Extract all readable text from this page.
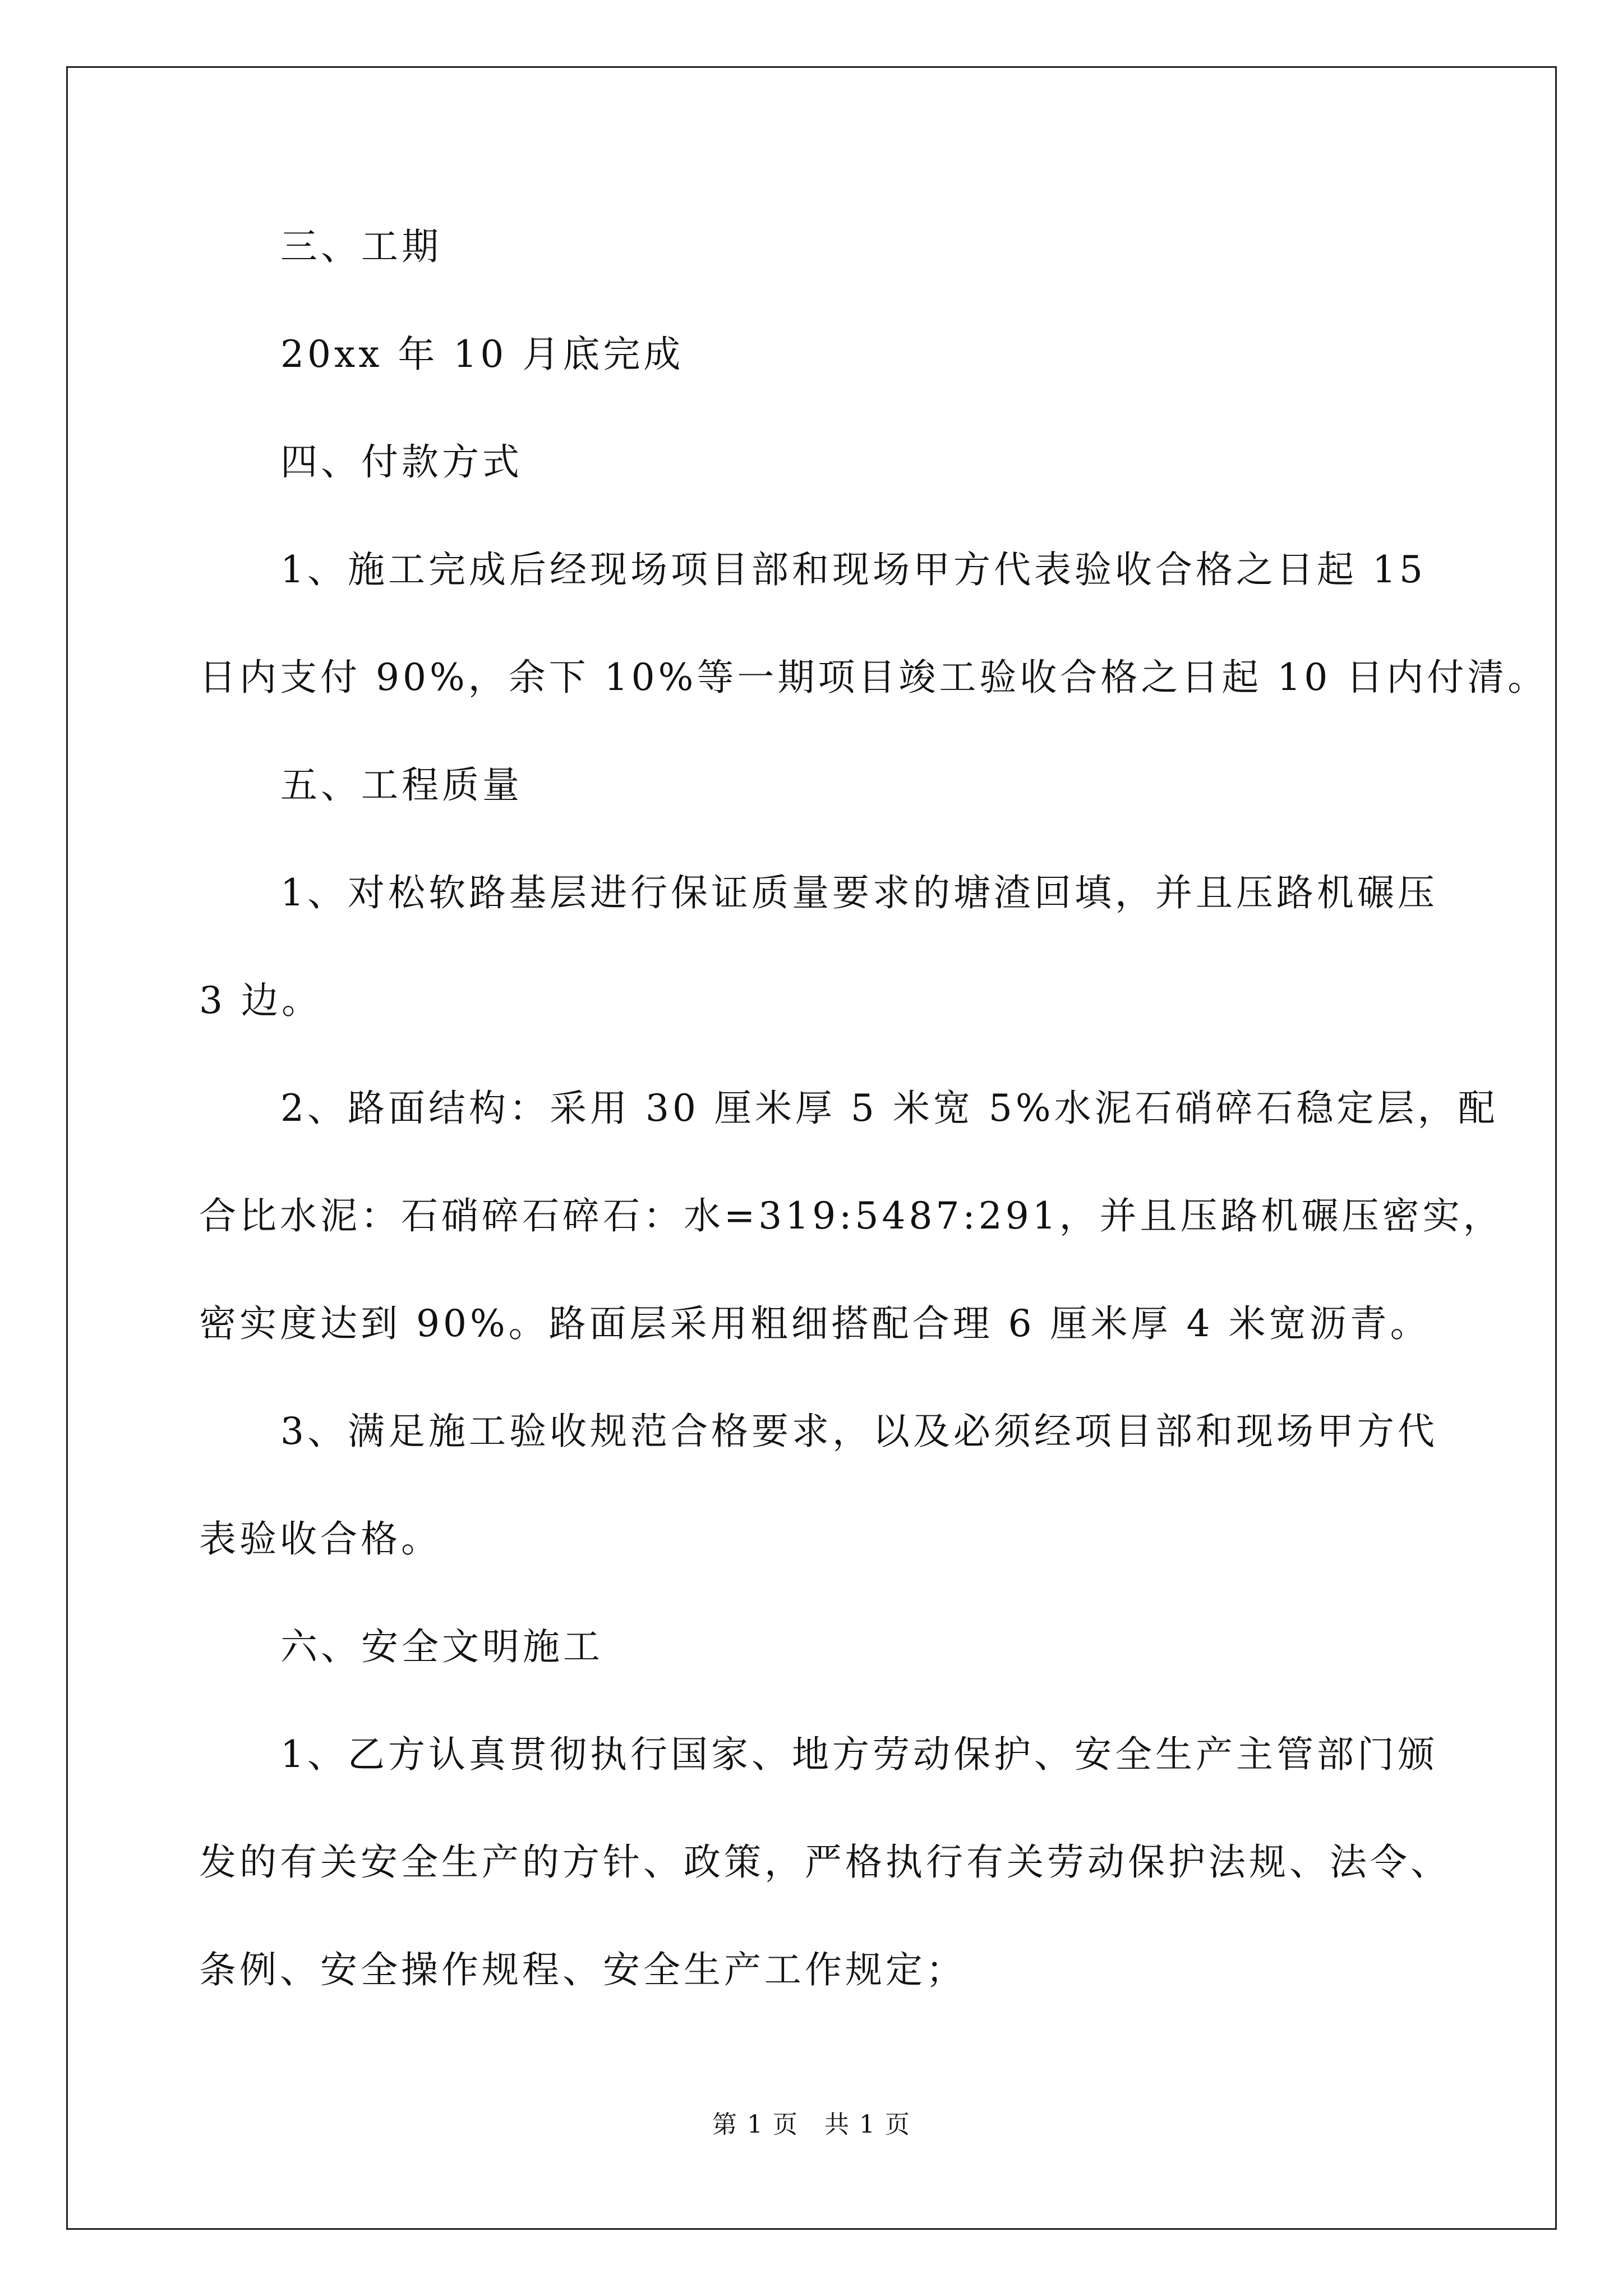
三、工期
20xx 年 10 月底完成
四、付款方式
1、施工完成后经现场项目部和现场甲方代表验收合格之日起 15
日内支付 90%，余下 10%等一期项目竣工验收合格之日起 10 日内付清。
五、工程质量
1、对松软路基层进行保证质量要求的塘渣回填，并且压路机碾压
3 边。
2、路面结构：采用 30 厘米厚 5 米宽 5%水泥石硝碎石稳定层，配
合比水泥：石硝碎石碎石：水=319:5487:291，并且压路机碾压密实，
密实度达到 90%。路面层采用粗细搭配合理 6 厘米厚 4 米宽沥青。
3、满足施工验收规范合格要求，以及必须经项目部和现场甲方代
表验收合格。
六、安全文明施工
1、乙方认真贯彻执行国家、地方劳动保护、安全生产主管部门颁
发的有关安全生产的方针、政策，严格执行有关劳动保护法规、法令、
条例、安全操作规程、安全生产工作规定；
第 1 页　共 1 页
